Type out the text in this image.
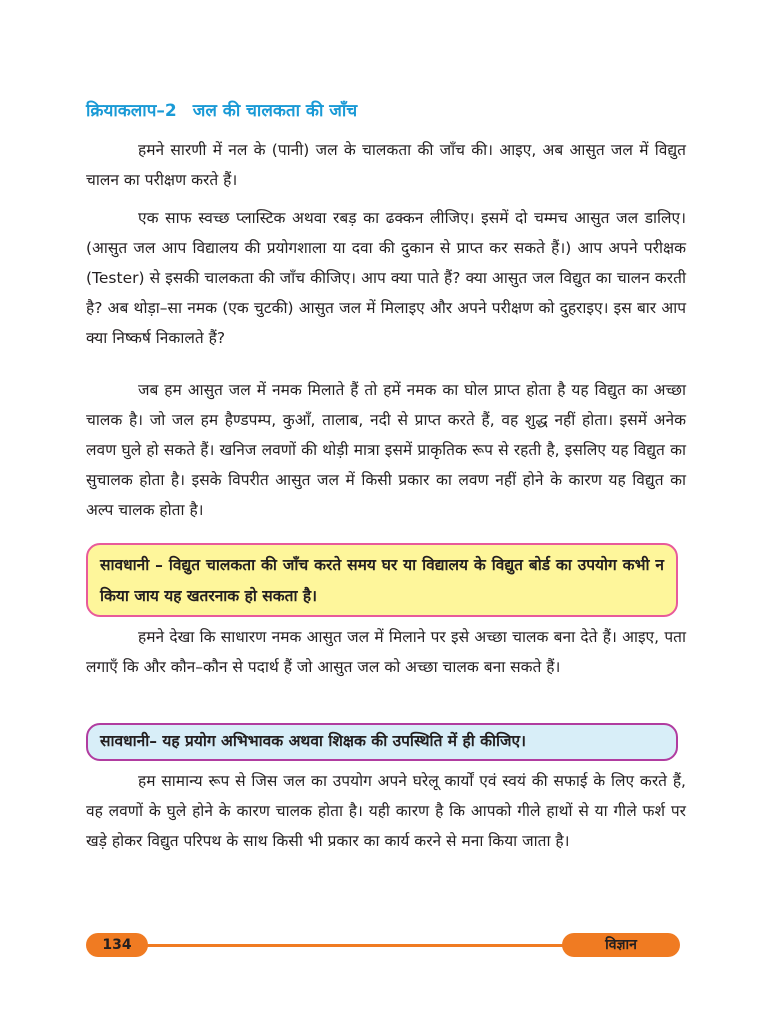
क्रियाकलाप–2 जल की चालकता की जाँच

हमने सारणी में नल के (पानी) जल के चालकता की जाँच की। आइए, अब आसुत जल में विद्युत चालन का परीक्षण करते हैं।

एक साफ स्वच्छ प्लास्टिक अथवा रबड़ का ढक्कन लीजिए। इसमें दो चम्मच आसुत जल डालिए। (आसुत जल आप विद्यालय की प्रयोगशाला या दवा की दुकान से प्राप्त कर सकते हैं।) आप अपने परीक्षक (Tester) से इसकी चालकता की जाँच कीजिए। आप क्या पाते हैं? क्या आसुत जल विद्युत का चालन करती है? अब थोड़ा–सा नमक (एक चुटकी) आसुत जल में मिलाइए और अपने परीक्षण को दुहराइए। इस बार आप क्या निष्कर्ष निकालते हैं?

जब हम आसुत जल में नमक मिलाते हैं तो हमें नमक का घोल प्राप्त होता है यह विद्युत का अच्छा चालक है। जो जल हम हैण्डपम्प, कुआँ, तालाब, नदी से प्राप्त करते हैं, वह शुद्ध नहीं होता। इसमें अनेक लवण घुले हो सकते हैं। खनिज लवणों की थोड़ी मात्रा इसमें प्राकृतिक रूप से रहती है, इसलिए यह विद्युत का सुचालक होता है। इसके विपरीत आसुत जल में किसी प्रकार का लवण नहीं होने के कारण यह विद्युत का अल्प चालक होता है।

सावधानी – विद्युत चालकता की जाँच करते समय घर या विद्यालय के विद्युत बोर्ड का उपयोग कभी न किया जाय यह खतरनाक हो सकता है।

हमने देखा कि साधारण नमक आसुत जल में मिलाने पर इसे अच्छा चालक बना देते हैं। आइए, पता लगाएँ कि और कौन–कौन से पदार्थ हैं जो आसुत जल को अच्छा चालक बना सकते हैं।

सावधानी– यह प्रयोग अभिभावक अथवा शिक्षक की उपस्थिति में ही कीजिए।

हम सामान्य रूप से जिस जल का उपयोग अपने घरेलू कार्यों एवं स्वयं की सफाई के लिए करते हैं, वह लवणों के घुले होने के कारण चालक होता है। यही कारण है कि आपको गीले हाथों से या गीले फर्श पर खड़े होकर विद्युत परिपथ के साथ किसी भी प्रकार का कार्य करने से मना किया जाता है।

134	विज्ञान
